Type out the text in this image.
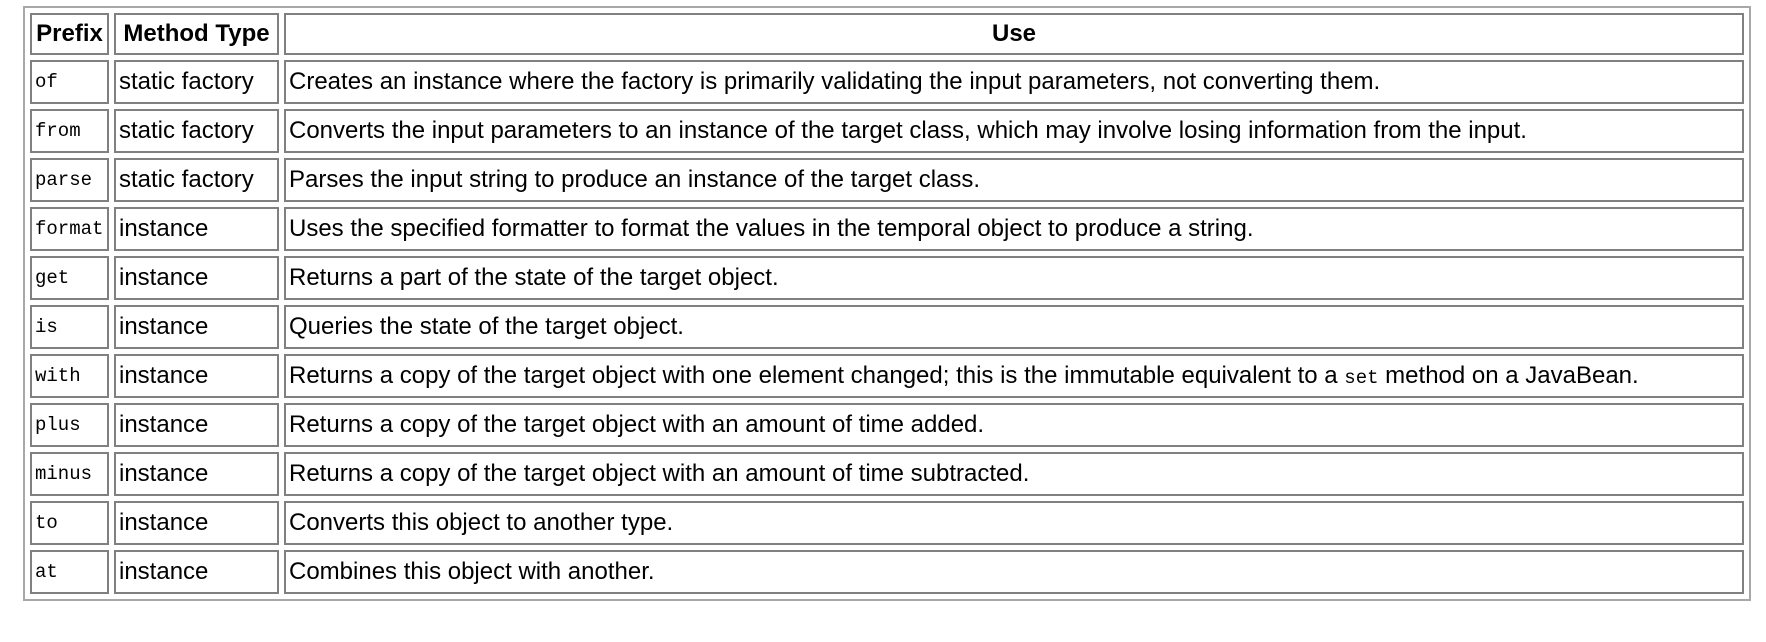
Prefix	Method Type	Use
of	static factory	Creates an instance where the factory is primarily validating the input parameters, not converting them.
from	static factory	Converts the input parameters to an instance of the target class, which may involve losing information from the input.
parse	static factory	Parses the input string to produce an instance of the target class.
format	instance	Uses the specified formatter to format the values in the temporal object to produce a string.
get	instance	Returns a part of the state of the target object.
is	instance	Queries the state of the target object.
with	instance	Returns a copy of the target object with one element changed; this is the immutable equivalent to a set method on a JavaBean.
plus	instance	Returns a copy of the target object with an amount of time added.
minus	instance	Returns a copy of the target object with an amount of time subtracted.
to	instance	Converts this object to another type.
at	instance	Combines this object with another.
